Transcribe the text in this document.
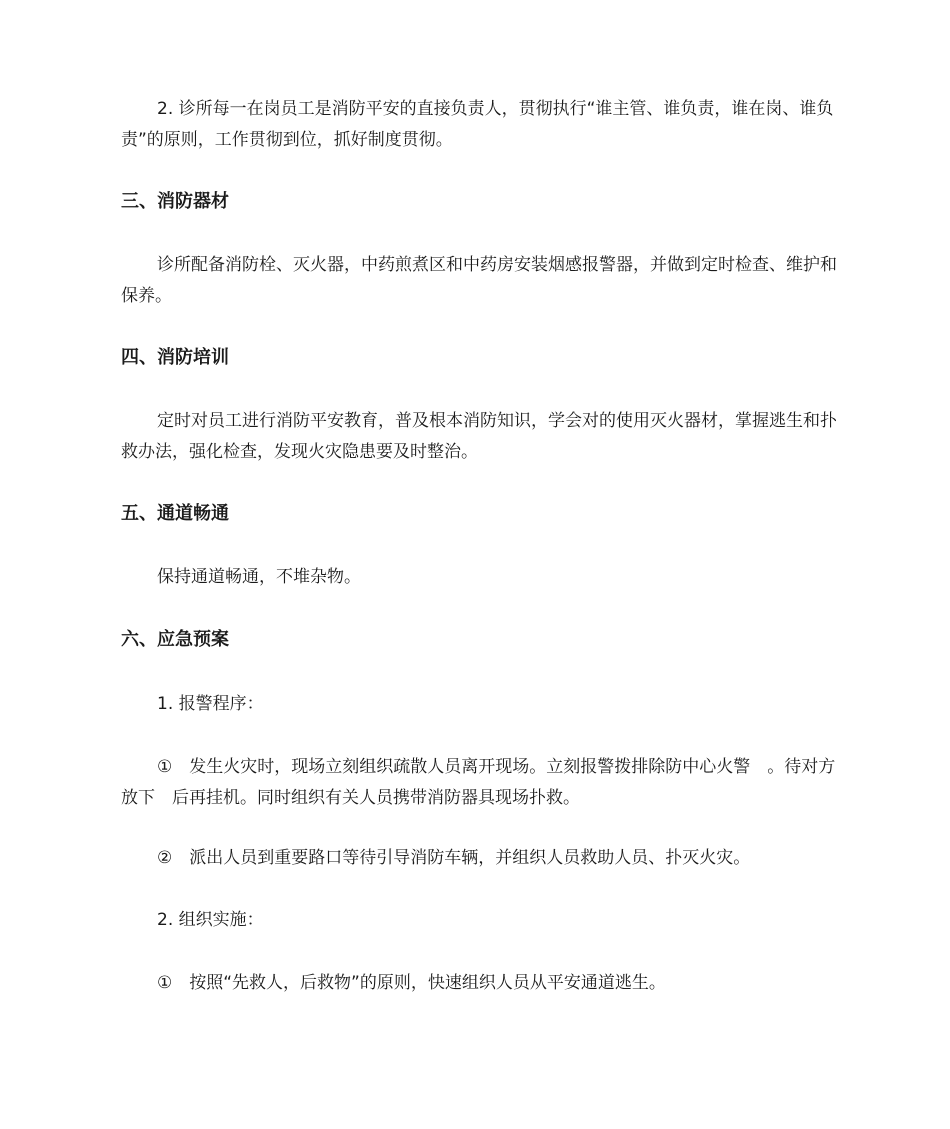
2. 诊所每一在岗员工是消防平安的直接负责人，贯彻执行“谁主管、谁负责，谁在岗、谁负责”的原则，工作贯彻到位，抓好制度贯彻。

三、消防器材

诊所配备消防栓、灭火器，中药煎煮区和中药房安装烟感报警器，并做到定时检查、维护和保养。

四、消防培训

定时对员工进行消防平安教育，普及根本消防知识，学会对的使用灭火器材，掌握逃生和扑救办法，强化检查，发现火灾隐患要及时整治。

五、通道畅通

保持通道畅通，不堆杂物。

六、应急预案

1. 报警程序：

①　发生火灾时，现场立刻组织疏散人员离开现场。立刻报警拨排除防中心火警　。待对方放下　后再挂机。同时组织有关人员携带消防器具现场扑救。

②　派出人员到重要路口等待引导消防车辆，并组织人员救助人员、扑灭火灾。

2. 组织实施：

①　按照“先救人，后救物”的原则，快速组织人员从平安通道逃生。
